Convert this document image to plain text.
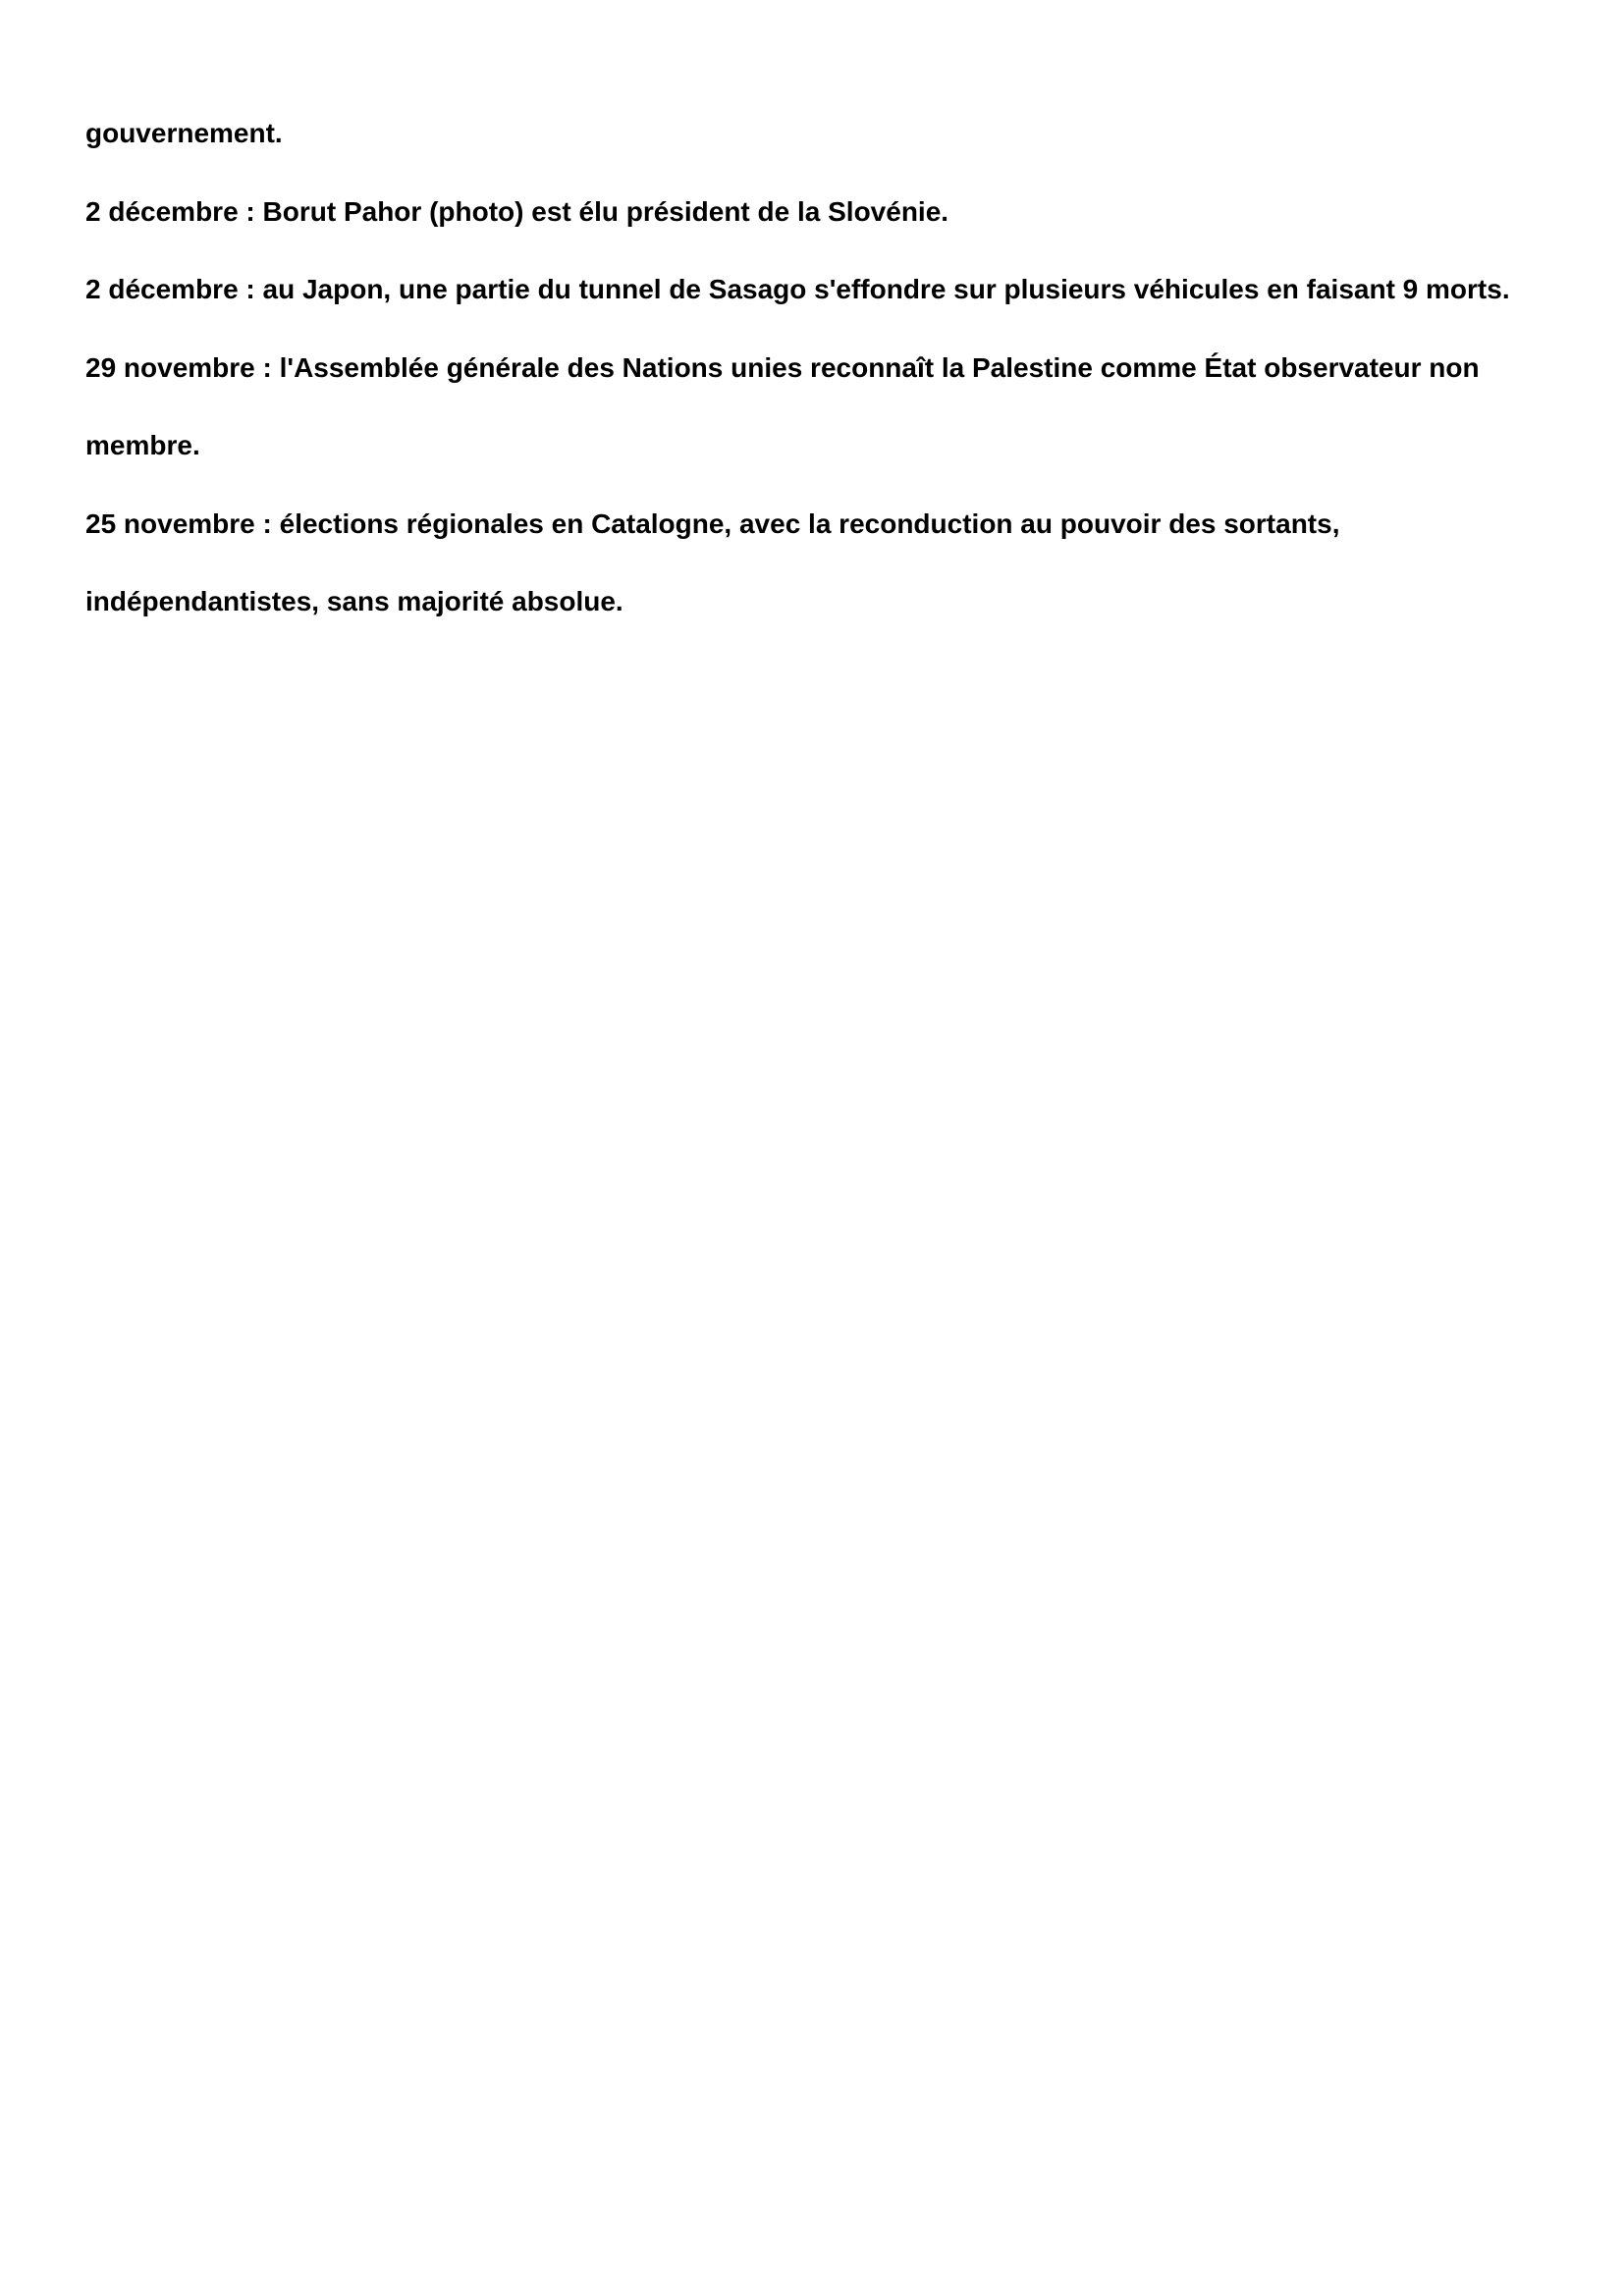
gouvernement.

2 décembre : Borut Pahor (photo) est élu président de la Slovénie.

2 décembre : au Japon, une partie du tunnel de Sasago s'effondre sur plusieurs véhicules en faisant 9 morts.

29 novembre : l'Assemblée générale des Nations unies reconnaît la Palestine comme État observateur non

membre.

25 novembre : élections régionales en Catalogne, avec la reconduction au pouvoir des sortants,

indépendantistes, sans majorité absolue.
